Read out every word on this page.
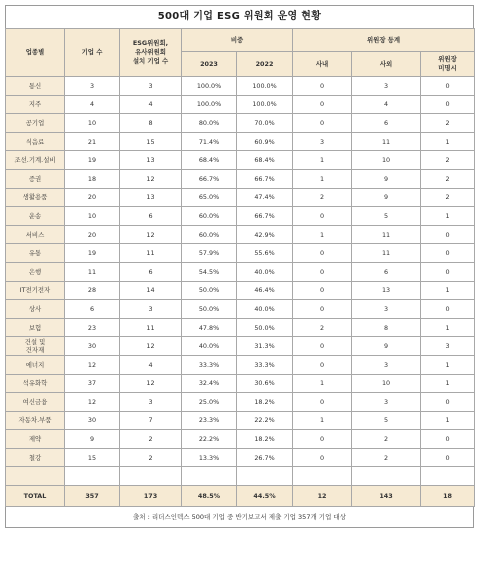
500대 기업 ESG 위원회 운영 현황
업종별	기업 수	ESG위원회,
유사위원회
설치 기업 수	비중		위원장 등계		
			2023	2022	사내	사외	위원장
미명시
통신	3	3	100.0%	100.0%	0	3	0
지주	4	4	100.0%	100.0%	0	4	0
공기업	10	8	80.0%	70.0%	0	6	2
식음료	21	15	71.4%	60.9%	3	11	1
조선.기계.설비	19	13	68.4%	68.4%	1	10	2
증권	18	12	66.7%	66.7%	1	9	2
생활용품	20	13	65.0%	47.4%	2	9	2
운송	10	6	60.0%	66.7%	0	5	1
서비스	20	12	60.0%	42.9%	1	11	0
유통	19	11	57.9%	55.6%	0	11	0
은행	11	6	54.5%	40.0%	0	6	0
IT전기전자	28	14	50.0%	46.4%	0	13	1
상사	6	3	50.0%	40.0%	0	3	0
보험	23	11	47.8%	50.0%	2	8	1
건설 및
건자재	30	12	40.0%	31.3%	0	9	3
에너지	12	4	33.3%	33.3%	0	3	1
석유화학	37	12	32.4%	30.6%	1	10	1
여신금융	12	3	25.0%	18.2%	0	3	0
자동차.부품	30	7	23.3%	22.2%	1	5	1
제약	9	2	22.2%	18.2%	0	2	0
철강	15	2	13.3%	26.7%	0	2	0

TOTAL	357	173	48.5%	44.5%	12	143	18
출처 : 리더스인덱스 500대 기업 중 반기보고서 제출 기업 357개 기업 대상
